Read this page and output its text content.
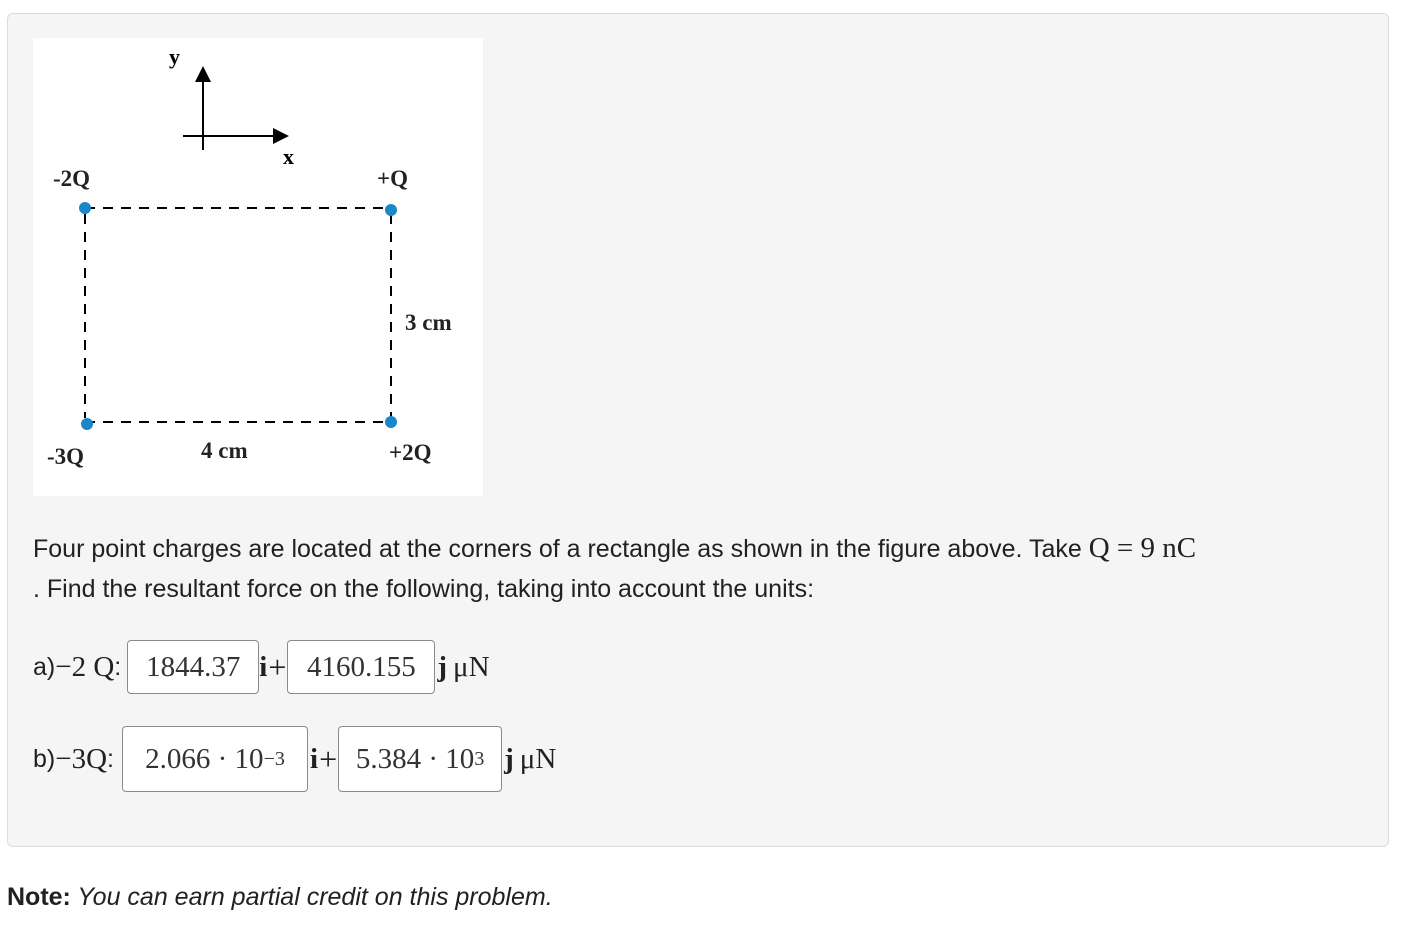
y
x
-2Q	+Q
-3Q	+2Q
4 cm
3 cm

Four point charges are located at the corners of a rectangle as shown in the figure above. Take Q = 9 nC
. Find the resultant force on the following, taking into account the units:

a) −2 Q : 1844.37 i + 4160.155 j μN
b) −3Q : 2.066 · 10 −3 i + 5.384 · 10 3 j μN

Note: You can earn partial credit on this problem.
